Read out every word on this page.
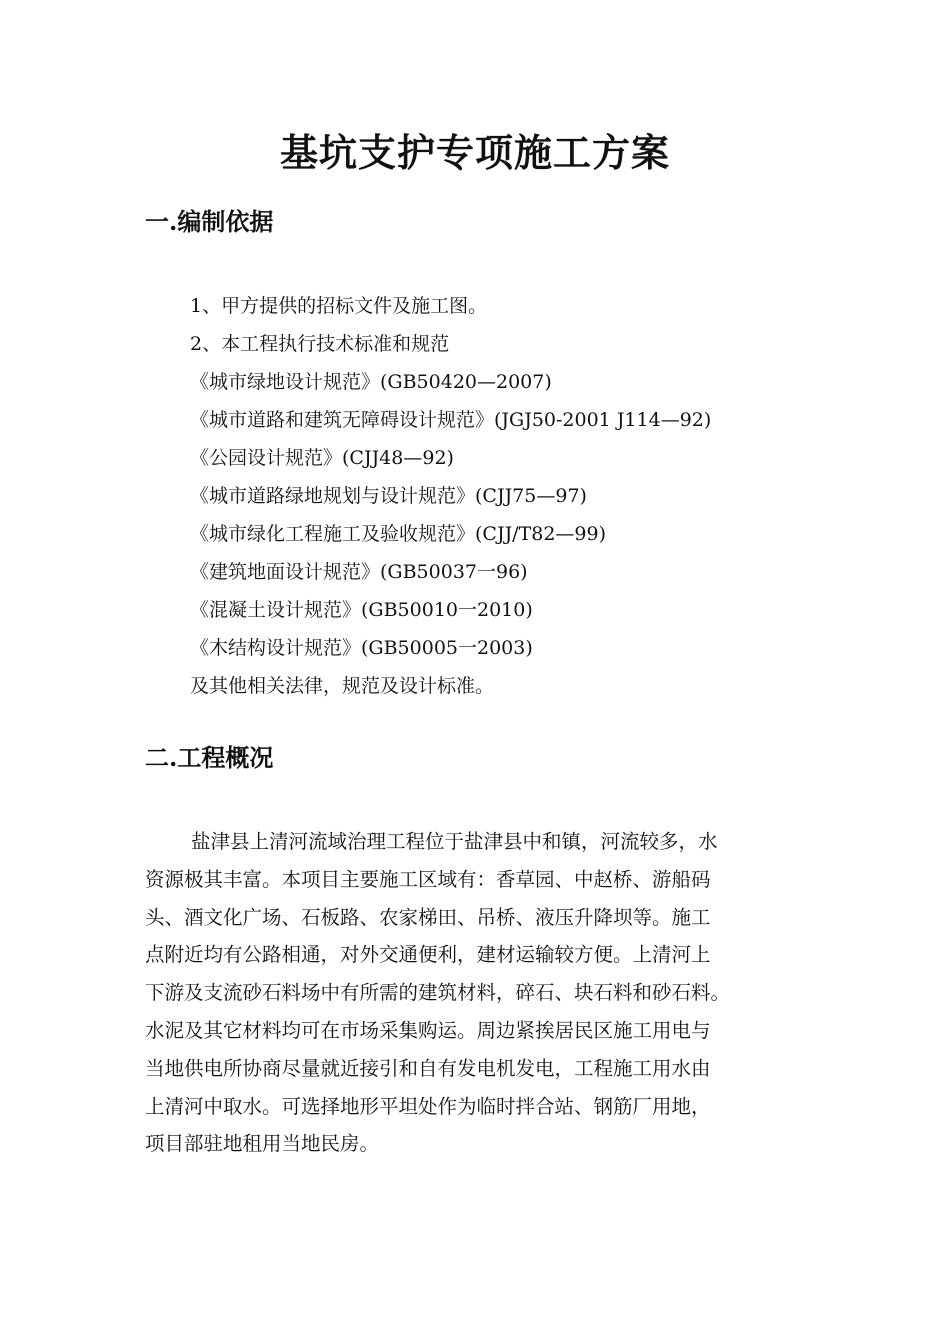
基坑支护专项施工方案
一.编制依据
1、甲方提供的招标文件及施工图。
2、本工程执行技术标准和规范
《城市绿地设计规范》(GB50420—2007)
《城市道路和建筑无障碍设计规范》(JGJ50-2001 J114—92)
《公园设计规范》(CJJ48—92)
《城市道路绿地规划与设计规范》(CJJ75—97)
《城市绿化工程施工及验收规范》(CJJ/T82—99)
《建筑地面设计规范》(GB50037一96)
《混凝土设计规范》(GB50010一2010)
《木结构设计规范》(GB50005一2003)
及其他相关法律，规范及设计标准。
二.工程概况
盐津县上清河流域治理工程位于盐津县中和镇，河流较多，水
资源极其丰富。本项目主要施工区域有：香草园、中赵桥、游船码
头、酒文化广场、石板路、农家梯田、吊桥、液压升降坝等。施工
点附近均有公路相通，对外交通便利，建材运输较方便。上清河上
下游及支流砂石料场中有所需的建筑材料，碎石、块石料和砂石料。
水泥及其它材料均可在市场采集购运。周边紧挨居民区施工用电与
当地供电所协商尽量就近接引和自有发电机发电，工程施工用水由
上清河中取水。可选择地形平坦处作为临时拌合站、钢筋厂用地，
项目部驻地租用当地民房。
